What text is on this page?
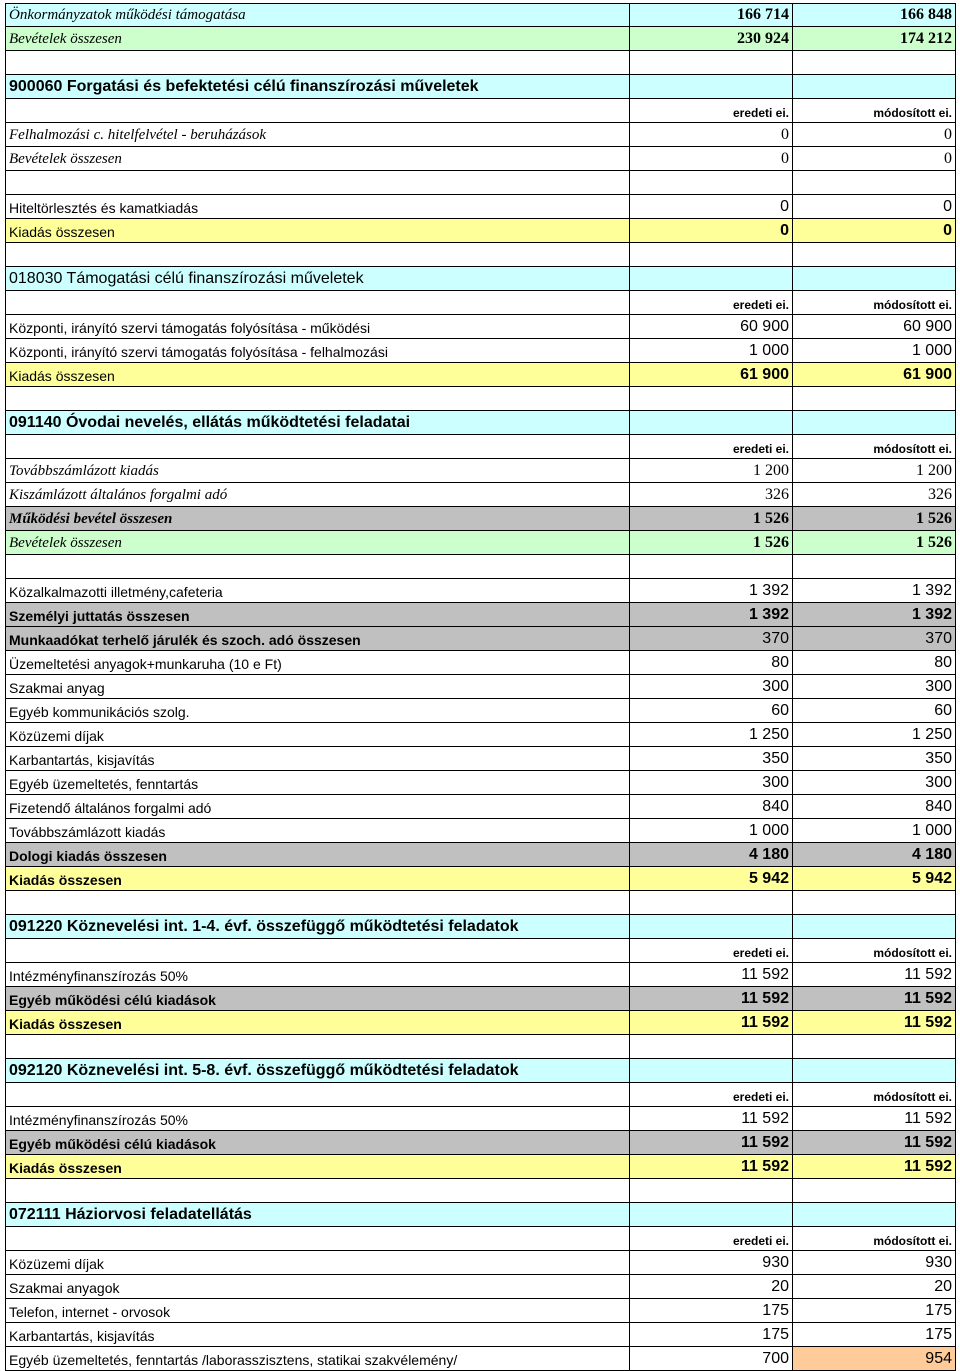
Önkormányzatok működési támogatása	166 714	166 848
Bevételek összesen	230 924	174 212
900060 Forgatási és befektetési célú finanszírozási műveletek
eredeti ei.	módosított ei.
Felhalmozási c. hitelfelvétel - beruházások	0	0
Bevételek összesen	0	0
Hiteltörlesztés és kamatkiadás	0	0
Kiadás összesen	0	0
018030 Támogatási célú finanszírozási műveletek
eredeti ei.	módosított ei.
Központi, irányító szervi támogatás folyósítása - működési	60 900	60 900
Központi, irányító szervi támogatás folyósítása - felhalmozási	1 000	1 000
Kiadás összesen	61 900	61 900
091140 Óvodai nevelés, ellátás működtetési feladatai
eredeti ei.	módosított ei.
Továbbszámlázott kiadás	1 200	1 200
Kiszámlázott általános forgalmi adó	326	326
Működési bevétel összesen	1 526	1 526
Bevételek összesen	1 526	1 526
Közalkalmazotti illetmény,cafeteria	1 392	1 392
Személyi juttatás összesen	1 392	1 392
Munkaadókat terhelő járulék és szoch. adó összesen	370	370
Üzemeltetési anyagok+munkaruha (10 e Ft)	80	80
Szakmai anyag	300	300
Egyéb kommunikációs szolg.	60	60
Közüzemi díjak	1 250	1 250
Karbantartás, kisjavítás	350	350
Egyéb üzemeltetés, fenntartás	300	300
Fizetendő általános forgalmi adó	840	840
Továbbszámlázott kiadás	1 000	1 000
Dologi kiadás összesen	4 180	4 180
Kiadás összesen	5 942	5 942
091220 Köznevelési int. 1-4. évf. összefüggő működtetési feladatok
eredeti ei.	módosított ei.
Intézményfinanszírozás 50%	11 592	11 592
Egyéb működési célú kiadások	11 592	11 592
Kiadás összesen	11 592	11 592
092120 Köznevelési int. 5-8. évf. összefüggő működtetési feladatok
eredeti ei.	módosított ei.
Intézményfinanszírozás 50%	11 592	11 592
Egyéb működési célú kiadások	11 592	11 592
Kiadás összesen	11 592	11 592
072111 Háziorvosi feladatellátás
eredeti ei.	módosított ei.
Közüzemi díjak	930	930
Szakmai anyagok	20	20
Telefon, internet - orvosok	175	175
Karbantartás, kisjavítás	175	175
Egyéb üzemeltetés, fenntartás /laborasszisztens, statikai szakvélemény/	700	954
